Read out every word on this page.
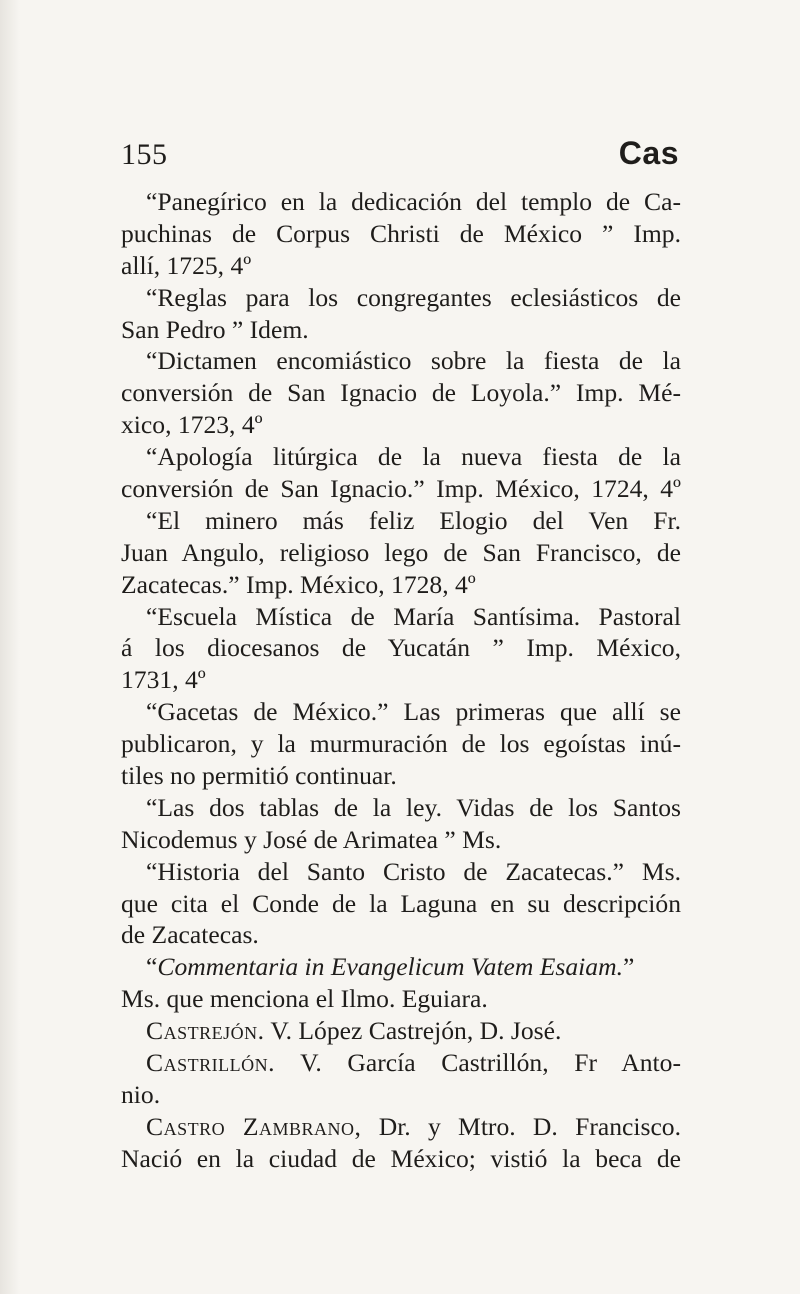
155	Cas
“Panegírico en la dedicación del templo de Ca-
puchinas de Corpus Christi de México ” Imp.
allí, 1725, 4º
“Reglas para los congregantes eclesiásticos de
San Pedro ” Idem.
“Dictamen encomiástico sobre la fiesta de la
conversión de San Ignacio de Loyola.” Imp. Mé-
xico, 1723, 4º
“Apología litúrgica de la nueva fiesta de la
conversión de San Ignacio.” Imp. México, 1724, 4º
“El minero más feliz Elogio del Ven Fr.
Juan Angulo, religioso lego de San Francisco, de
Zacatecas.” Imp. México, 1728, 4º
“Escuela Mística de María Santísima. Pastoral
á los diocesanos de Yucatán ” Imp. México,
1731, 4º
“Gacetas de México.” Las primeras que allí se
publicaron, y la murmuración de los egoístas inú-
tiles no permitió continuar.
“Las dos tablas de la ley. Vidas de los Santos
Nicodemus y José de Arimatea ” Ms.
“Historia del Santo Cristo de Zacatecas.” Ms.
que cita el Conde de la Laguna en su descripción
de Zacatecas.
“Commentaria in Evangelicum Vatem Esaiam.”
Ms. que menciona el Ilmo. Eguiara.
Castrejón. V. López Castrejón, D. José.
Castrillón. V. García Castrillón, Fr Anto-
nio.
Castro Zambrano, Dr. y Mtro. D. Francisco.
Nació en la ciudad de México; vistió la beca de
